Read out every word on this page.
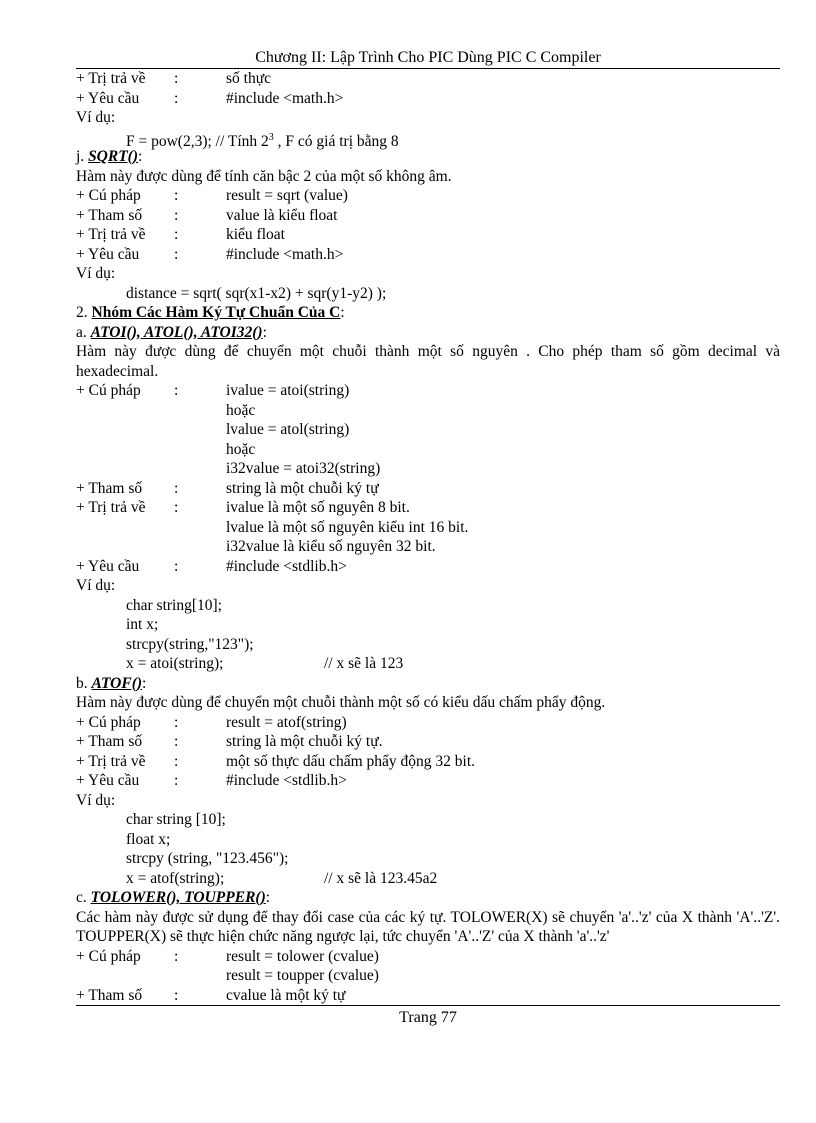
Chương II: Lập Trình Cho PIC Dùng PIC C Compiler
+ Trị trả về :	số thực
+ Yêu cầu :	#include <math.h>
Ví dụ:
F = pow(2,3); // Tính $2^3$ , F có giá trị bằng 8
j. SQRT():
Hàm này được dùng để tính căn bậc 2 của một số không âm.
+ Cú pháp :	result = sqrt (value)
+ Tham số :	value là kiểu float
+ Trị trả về :	kiểu float
+ Yêu cầu :	#include <math.h>
Ví dụ:
distance = sqrt( sqr(x1-x2) + sqr(y1-y2) );
2. Nhóm Các Hàm Ký Tự Chuẩn Của C:
a. ATOI(), ATOL(), ATOI32():
Hàm này được dùng để chuyển một chuỗi thành một số nguyên . Cho phép tham số gồm decimal và hexadecimal.
+ Cú pháp :	ivalue = atoi(string)
hoặc
lvalue = atol(string)
hoặc
i32value = atoi32(string)
+ Tham số :	string là một chuỗi ký tự
+ Trị trả về :	ivalue là một số nguyên 8 bit.
lvalue là một số nguyên kiểu int 16 bit.
i32value là kiểu số nguyên 32 bit.
+ Yêu cầu :	#include <stdlib.h>
Ví dụ:
char string[10];
int x;
strcpy(string,"123");
x = atoi(string);	// x sẽ là 123
b. ATOF():
Hàm này được dùng để chuyển một chuỗi thành một số có kiểu dấu chấm phẩy động.
+ Cú pháp :	result = atof(string)
+ Tham số :	string là một chuỗi ký tự.
+ Trị trả về :	một số thực dấu chấm phẩy động 32 bit.
+ Yêu cầu :	#include <stdlib.h>
Ví dụ:
char string [10];
float x;
strcpy (string, "123.456");
x = atof(string);	// x sẽ là 123.45a2
c. TOLOWER(), TOUPPER():
Các hàm này được sử dụng để thay đổi case của các ký tự. TOLOWER(X) sẽ chuyển 'a'..'z' của X thành 'A'..'Z'. TOUPPER(X) sẽ thực hiện chức năng ngược lại, tức chuyển 'A'..'Z' của X thành 'a'..'z'
+ Cú pháp :	result = tolower (cvalue)
result = toupper (cvalue)
+ Tham số :	cvalue là một ký tự
Trang 77
